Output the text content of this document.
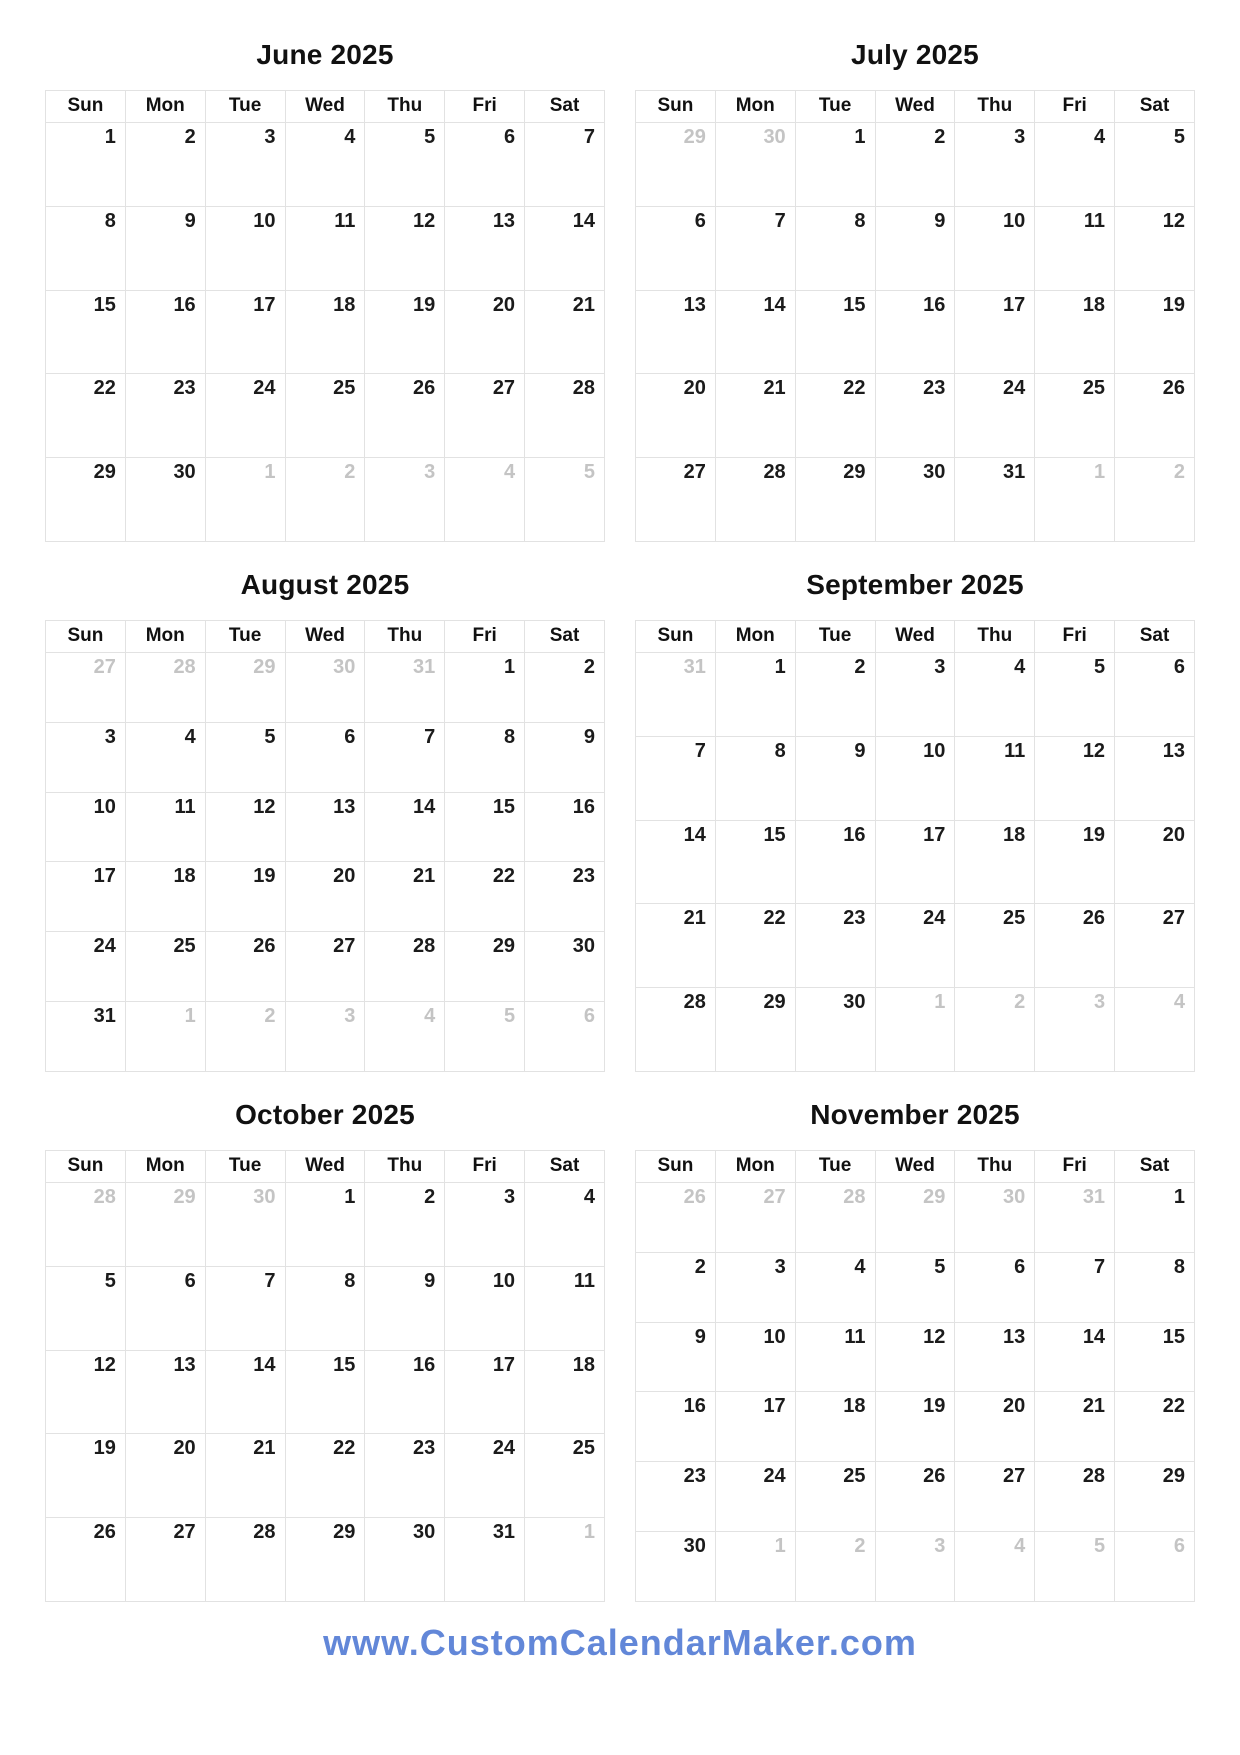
June 2025
Sun	Mon	Tue	Wed	Thu	Fri	Sat
1	2	3	4	5	6	7
8	9	10	11	12	13	14
15	16	17	18	19	20	21
22	23	24	25	26	27	28
29	30	1	2	3	4	5
July 2025
Sun	Mon	Tue	Wed	Thu	Fri	Sat
29	30	1	2	3	4	5
6	7	8	9	10	11	12
13	14	15	16	17	18	19
20	21	22	23	24	25	26
27	28	29	30	31	1	2
August 2025
Sun	Mon	Tue	Wed	Thu	Fri	Sat
27	28	29	30	31	1	2
3	4	5	6	7	8	9
10	11	12	13	14	15	16
17	18	19	20	21	22	23
24	25	26	27	28	29	30
31	1	2	3	4	5	6
September 2025
Sun	Mon	Tue	Wed	Thu	Fri	Sat
31	1	2	3	4	5	6
7	8	9	10	11	12	13
14	15	16	17	18	19	20
21	22	23	24	25	26	27
28	29	30	1	2	3	4
October 2025
Sun	Mon	Tue	Wed	Thu	Fri	Sat
28	29	30	1	2	3	4
5	6	7	8	9	10	11
12	13	14	15	16	17	18
19	20	21	22	23	24	25
26	27	28	29	30	31	1
November 2025
Sun	Mon	Tue	Wed	Thu	Fri	Sat
26	27	28	29	30	31	1
2	3	4	5	6	7	8
9	10	11	12	13	14	15
16	17	18	19	20	21	22
23	24	25	26	27	28	29
30	1	2	3	4	5	6
www.CustomCalendarMaker.com
